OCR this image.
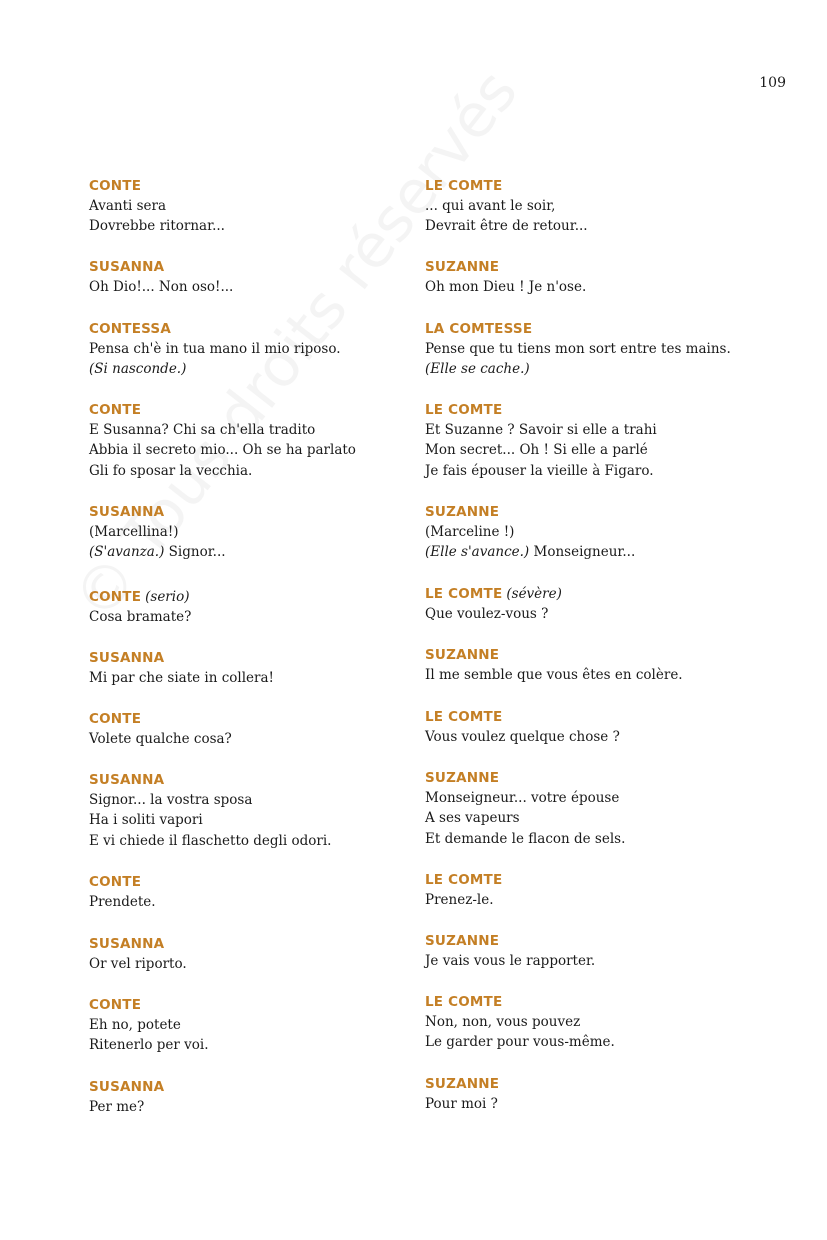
109
CONTE
Avanti sera
Dovrebbe ritornar...
SUSANNA
Oh Dio!... Non oso!...
CONTESSA
Pensa ch'è in tua mano il mio riposo.
(Si nasconde.)
CONTE
E Susanna? Chi sa ch'ella tradito
Abbia il secreto mio... Oh se ha parlato
Gli fo sposar la vecchia.
SUSANNA
(Marcellina!)
(S'avanza.) Signor...
CONTE (serio)
Cosa bramate?
SUSANNA
Mi par che siate in collera!
CONTE
Volete qualche cosa?
SUSANNA
Signor... la vostra sposa
Ha i soliti vapori
E vi chiede il flaschetto degli odori.
CONTE
Prendete.
SUSANNA
Or vel riporto.
CONTE
Eh no, potete
Ritenerlo per voi.
SUSANNA
Per me?
LE COMTE
... qui avant le soir,
Devrait être de retour...
SUZANNE
Oh mon Dieu ! Je n'ose.
LA COMTESSE
Pense que tu tiens mon sort entre tes mains.
(Elle se cache.)
LE COMTE
Et Suzanne ? Savoir si elle a trahi
Mon secret... Oh ! Si elle a parlé
Je fais épouser la vieille à Figaro.
SUZANNE
(Marceline !)
(Elle s'avance.) Monseigneur...
LE COMTE (sévère)
Que voulez-vous ?
SUZANNE
Il me semble que vous êtes en colère.
LE COMTE
Vous voulez quelque chose ?
SUZANNE
Monseigneur... votre épouse
A ses vapeurs
Et demande le flacon de sels.
LE COMTE
Prenez-le.
SUZANNE
Je vais vous le rapporter.
LE COMTE
Non, non, vous pouvez
Le garder pour vous-même.
SUZANNE
Pour moi ?
